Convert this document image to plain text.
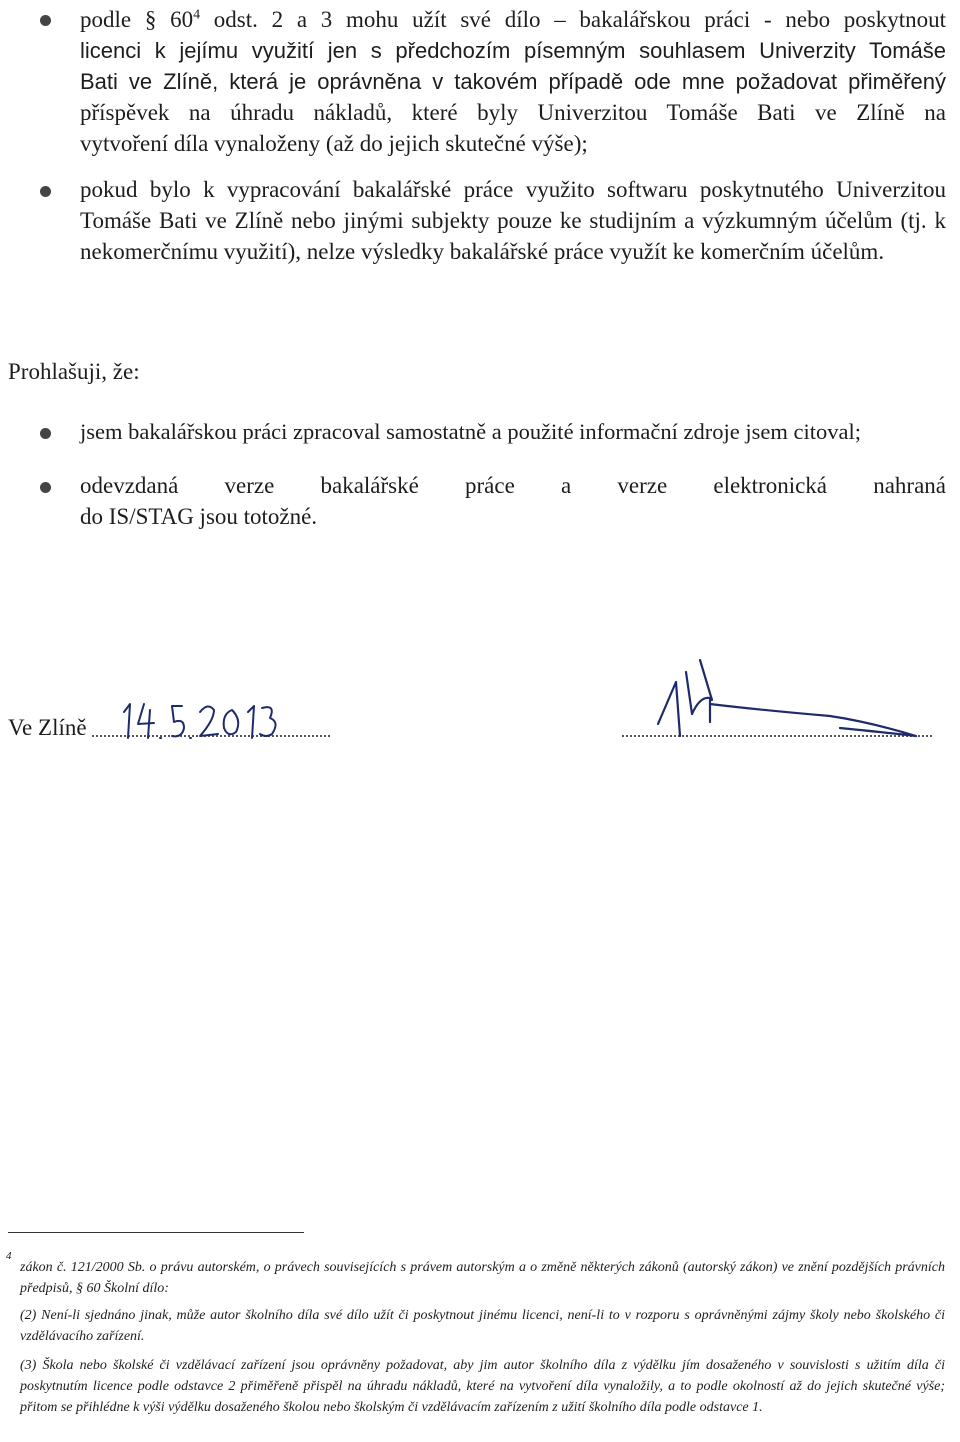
podle § $60^4$ odst. 2 a 3 mohu užít své dílo – bakalářskou práci - nebo poskytnout
licenci k jejímu využití jen s předchozím písemným souhlasem Univerzity Tomáše
Bati ve Zlíně, která je oprávněna v takovém případě ode mne požadovat přiměřený
příspěvek na úhradu nákladů, které byly Univerzitou Tomáše Bati ve Zlíně na
vytvoření díla vynaloženy (až do jejich skutečné výše);
pokud bylo k vypracování bakalářské práce využito softwaru poskytnutého Univerzitou Tomáše Bati ve Zlíně nebo jinými subjekty pouze ke studijním a výzkumným účelům (tj. k nekomerčnímu využití), nelze výsledky bakalářské práce využít ke komerčním účelům.
Prohlašuji, že:
jsem bakalářskou práci zpracoval samostatně a použité informační zdroje jsem citoval;
odevzdaná verze bakalářské práce a verze elektronická nahraná
do IS/STAG jsou totožné.
Ve Zlíně
4
zákon č. 121/2000 Sb. o právu autorském, o právech souvisejících s právem autorským a o změně některých zákonů (autorský zákon) ve znění pozdějších právních předpisů, § 60 Školní dílo:
(2) Není-li sjednáno jinak, může autor školního díla své dílo užít či poskytnout jinému licenci, není-li to v rozporu s oprávněnými zájmy školy nebo školského či vzdělávacího zařízení.
(3) Škola nebo školské či vzdělávací zařízení jsou oprávněny požadovat, aby jim autor školního díla z výdělku jím dosaženého v souvislosti s užitím díla či poskytnutím licence podle odstavce 2 přiměřeně přispěl na úhradu nákladů, které na vytvoření díla vynaložily, a to podle okolností až do jejich skutečné výše; přitom se přihlédne k výši výdělku dosaženého školou nebo školským či vzdělávacím zařízením z užití školního díla podle odstavce 1.
